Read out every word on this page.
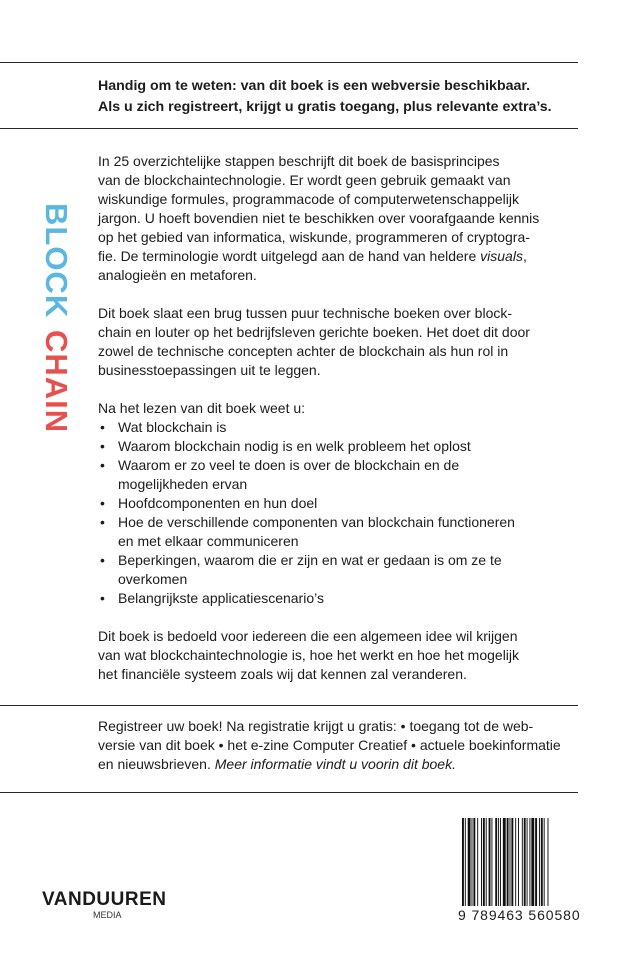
Handig om te weten: van dit boek is een webversie beschikbaar.
Als u zich registreert, krijgt u gratis toegang, plus relevante extra’s.
BLOCKCHAIN
In 25 overzichtelijke stappen beschrijft dit boek de basisprincipes
van de blockchaintechnologie. Er wordt geen gebruik gemaakt van
wiskundige formules, programmacode of computerwetenschappelijk
jargon. U hoeft bovendien niet te beschikken over voorafgaande kennis
op het gebied van informatica, wiskunde, programmeren of cryptogra-
fie. De terminologie wordt uitgelegd aan de hand van heldere visuals,
analogieën en metaforen.
Dit boek slaat een brug tussen puur technische boeken over block-
chain en louter op het bedrijfsleven gerichte boeken. Het doet dit door
zowel de technische concepten achter de blockchain als hun rol in
businesstoepassingen uit te leggen.
Na het lezen van dit boek weet u:
• Wat blockchain is
• Waarom blockchain nodig is en welk probleem het oplost
• Waarom er zo veel te doen is over de blockchain en de
mogelijkheden ervan
• Hoofdcomponenten en hun doel
• Hoe de verschillende componenten van blockchain functioneren
en met elkaar communiceren
• Beperkingen, waarom die er zijn en wat er gedaan is om ze te
overkomen
• Belangrijkste applicatiescenario’s
Dit boek is bedoeld voor iedereen die een algemeen idee wil krijgen
van wat blockchaintechnologie is, hoe het werkt en hoe het mogelijk
het financiële systeem zoals wij dat kennen zal veranderen.
Registreer uw boek! Na registratie krijgt u gratis: • toegang tot de web-
versie van dit boek • het e-zine Computer Creatief • actuele boekinformatie
en nieuwsbrieven. Meer informatie vindt u voorin dit boek.
VANDUUREN
MEDIA	9 789463 560580
